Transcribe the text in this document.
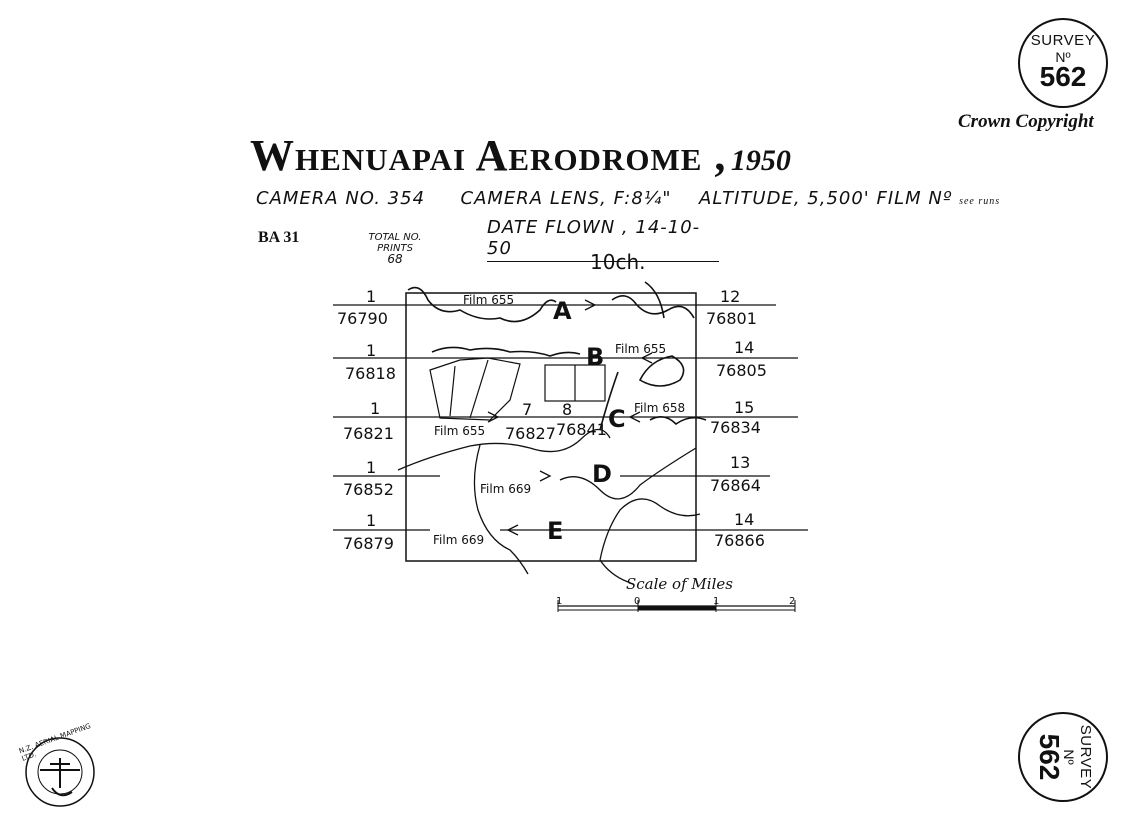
SURVEY
Nº
562
Crown Copyright
SURVEY
Nº
562
Whenuapai Aerodrome , 1950
CAMERA NO. 354 CAMERA LENS, F:8¼" ALTITUDE, 5,500' FILM Nº see runs
BA 31	TOTAL NO. PRINTS
68
DATE FLOWN , 14-10-50
10ch.
A
B
C
D
E
Film 655
Film 655
Film 658
Film 655
Film 669
Film 669
1
76790
1
76818
1
76821
1
76852
1
76879
12
76801
14
76805
15
76834
13
76864
14
76866
7
76827
8
76841
Scale of Miles
1	0	1	2
N.Z. AERIAL MAPPING LTD.
